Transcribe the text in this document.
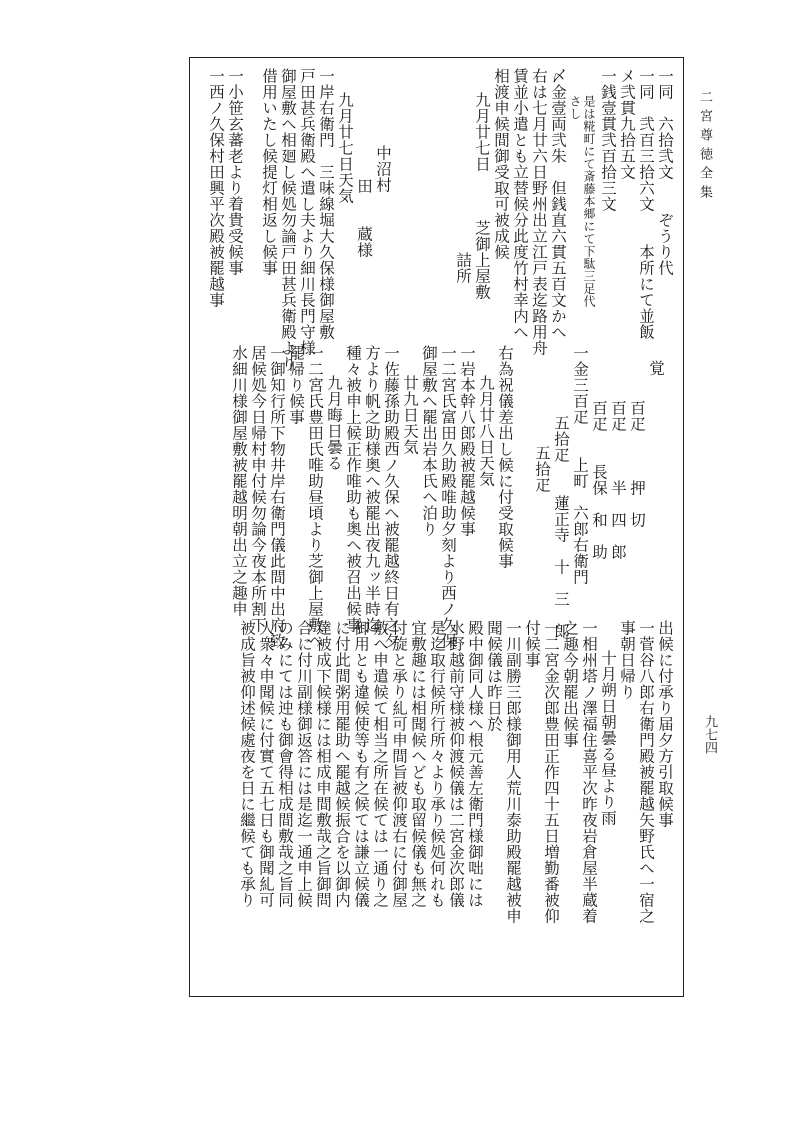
二宮尊徳全集
九七四
一同　六拾弐文　　ぞうり代
一同　弐百三拾六文　　本所にて並飯
メ弐貫九拾五文
一銭壹貫弐百拾三文
是は糀町にて斎藤本郷にて下駄三足代
さし
〆金壹両弐朱　但銭直六貫五百文かへ
右は七月廿六日野州出立江戸表迄路用舟
賃並小遣とも立替候分此度竹村幸内へ
相渡申候間御受取可被成候
九月廿七日　　　芝御上屋敷
　　　　　　　　　　詰所
中沼村
田　　蔵様
九月廿七日天気
一岸右衛門　三味線堀大久保様御屋敷
戸田甚兵衛殿へ遣し夫より細川長門守様
御屋敷へ相廻し候処勿論戸田甚兵衛殿より
借用いたし候提灯相返し候事
一小笹玄蕃老より着貴受候事
一西ノ久保村田興平次殿被罷越事
覚
百疋　　　押　切
百疋　　　半　四　郎
百疋　　長保　和　助
一金三百疋　　上町　六郎右衛門
五拾疋　　蓮正寺　十　三　郎
五拾疋
右為祝儀差出し候に付受取候事
九月廿八日天気
一岩本幹八郎殿被罷越候事
一二宮氏富田久助殿唯助夕刻より西ノ久保
御屋敷へ罷出岩本氏へ泊り
廿九日天気
一佐藤孫助殿西ノ久保へ被罷越終日有之夕
方より帆之助様奥へ被罷出夜九ッ半時迄
種々被申上候正作唯助も奥へ被召出候事
九月晦日曇る
一二宮氏豊田氏唯助昼頃より芝御上屋敷へ
罷帰り候事
一御知行所下物井岸右衛門儀此間中出府致
居候処今日帰村申付候勿論今夜本所割下
水細川様御屋敷被罷越明朝出立之趣申
出候に付承り届夕方引取候事
一菅谷八郎右衛門殿被罷越矢野氏へ一宿之
事朝日帰り
十月朔日朝曇る昼より雨
一相州塔ノ澤福住喜平次昨夜岩倉屋半蔵着
之趣今朝罷出候事
一二宮金次郎豊田正作四十五日増勤番被仰
付候事
一川副勝三郎様御用人荒川泰助殿罷越被申
聞候儀は昨日於
殿中御同人様へ根元善左衛門様御咄には
水野越前守様被仰渡候儀は二宮金次郎儀
是迄取行候所行所々より承り候処何れも
宜敷趣には相聞候へども取留候儀も無之
付旋と承り糺可申間旨被仰渡右に付御屋
敷へ申遣候て相当之所在候ては一通り之
御用とも違候使等も有之候ては謙立候儀
に付此間粥用罷助へ罷越候振合を以御内
達被成下候様には相成申間敷哉之旨御問
合に付川副様御返答には是迄一通申上候
のみにては迚も御會得相成間敷哉之旨同
人衆々申聞候に付實て五七日も御聞糺可
被成旨被仰述候處夜を日に繼候ても承り
